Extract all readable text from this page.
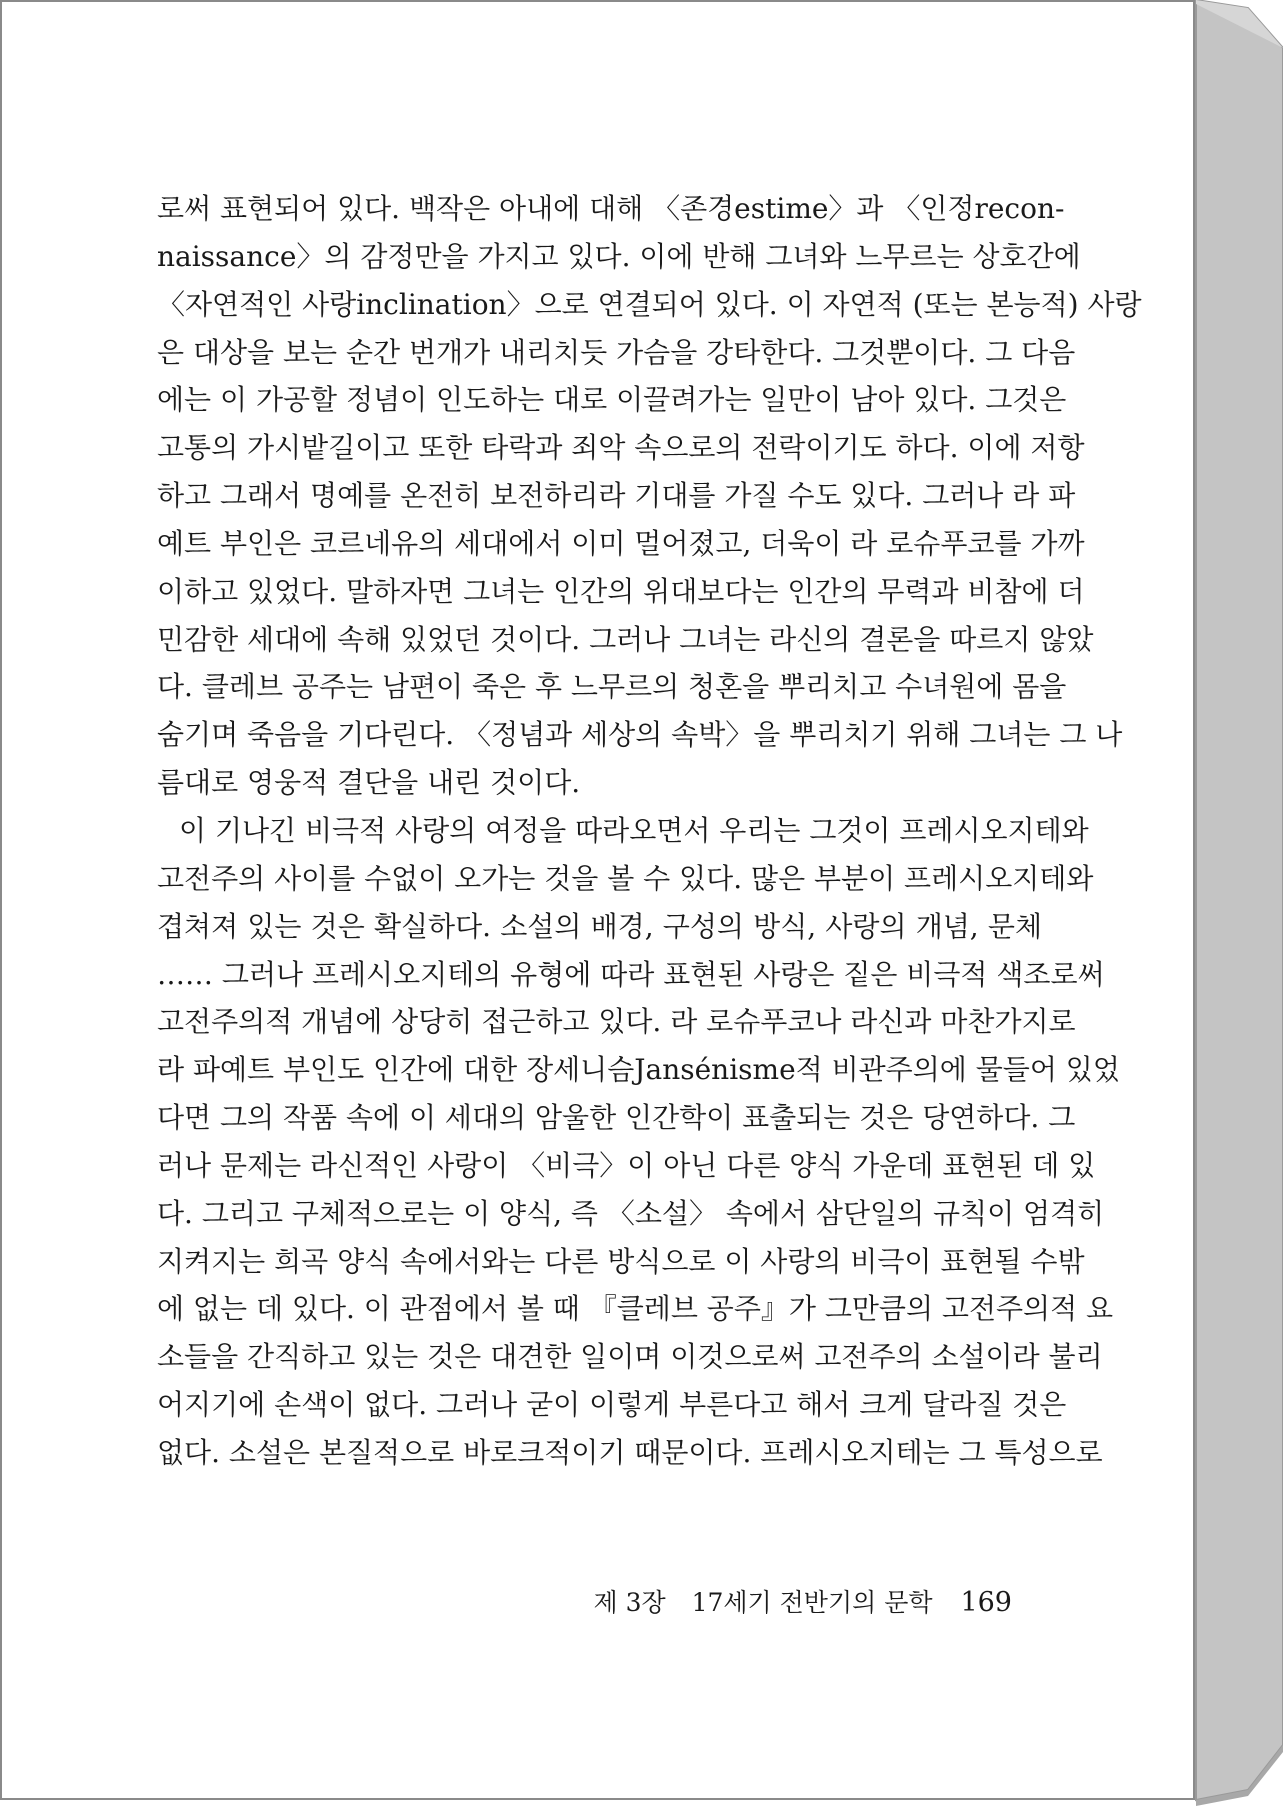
로써 표현되어 있다. 백작은 아내에 대해 〈존경estime〉과 〈인정recon-
naissance〉의 감정만을 가지고 있다. 이에 반해 그녀와 느무르는 상호간에
〈자연적인 사랑inclination〉으로 연결되어 있다. 이 자연적 (또는 본능적) 사랑
은 대상을 보는 순간 번개가 내리치듯 가슴을 강타한다. 그것뿐이다. 그 다음
에는 이 가공할 정념이 인도하는 대로 이끌려가는 일만이 남아 있다. 그것은
고통의 가시밭길이고 또한 타락과 죄악 속으로의 전락이기도 하다. 이에 저항
하고 그래서 명예를 온전히 보전하리라 기대를 가질 수도 있다. 그러나 라 파
예트 부인은 코르네유의 세대에서 이미 멀어졌고, 더욱이 라 로슈푸코를 가까
이하고 있었다. 말하자면 그녀는 인간의 위대보다는 인간의 무력과 비참에 더
민감한 세대에 속해 있었던 것이다. 그러나 그녀는 라신의 결론을 따르지 않았
다. 클레브 공주는 남편이 죽은 후 느무르의 청혼을 뿌리치고 수녀원에 몸을
숨기며 죽음을 기다린다. 〈정념과 세상의 속박〉을 뿌리치기 위해 그녀는 그 나
름대로 영웅적 결단을 내린 것이다.
이 기나긴 비극적 사랑의 여정을 따라오면서 우리는 그것이 프레시오지테와
고전주의 사이를 수없이 오가는 것을 볼 수 있다. 많은 부분이 프레시오지테와
겹쳐져 있는 것은 확실하다. 소설의 배경, 구성의 방식, 사랑의 개념, 문체
…… 그러나 프레시오지테의 유형에 따라 표현된 사랑은 짙은 비극적 색조로써
고전주의적 개념에 상당히 접근하고 있다. 라 로슈푸코나 라신과 마찬가지로
라 파예트 부인도 인간에 대한 장세니슴Jansénisme적 비관주의에 물들어 있었
다면 그의 작품 속에 이 세대의 암울한 인간학이 표출되는 것은 당연하다. 그
러나 문제는 라신적인 사랑이 〈비극〉이 아닌 다른 양식 가운데 표현된 데 있
다. 그리고 구체적으로는 이 양식, 즉 〈소설〉 속에서 삼단일의 규칙이 엄격히
지켜지는 희곡 양식 속에서와는 다른 방식으로 이 사랑의 비극이 표현될 수밖
에 없는 데 있다. 이 관점에서 볼 때 『클레브 공주』가 그만큼의 고전주의적 요
소들을 간직하고 있는 것은 대견한 일이며 이것으로써 고전주의 소설이라 불리
어지기에 손색이 없다. 그러나 굳이 이렇게 부른다고 해서 크게 달라질 것은
없다. 소설은 본질적으로 바로크적이기 때문이다. 프레시오지테는 그 특성으로
제 3장 17세기 전반기의 문학 169
